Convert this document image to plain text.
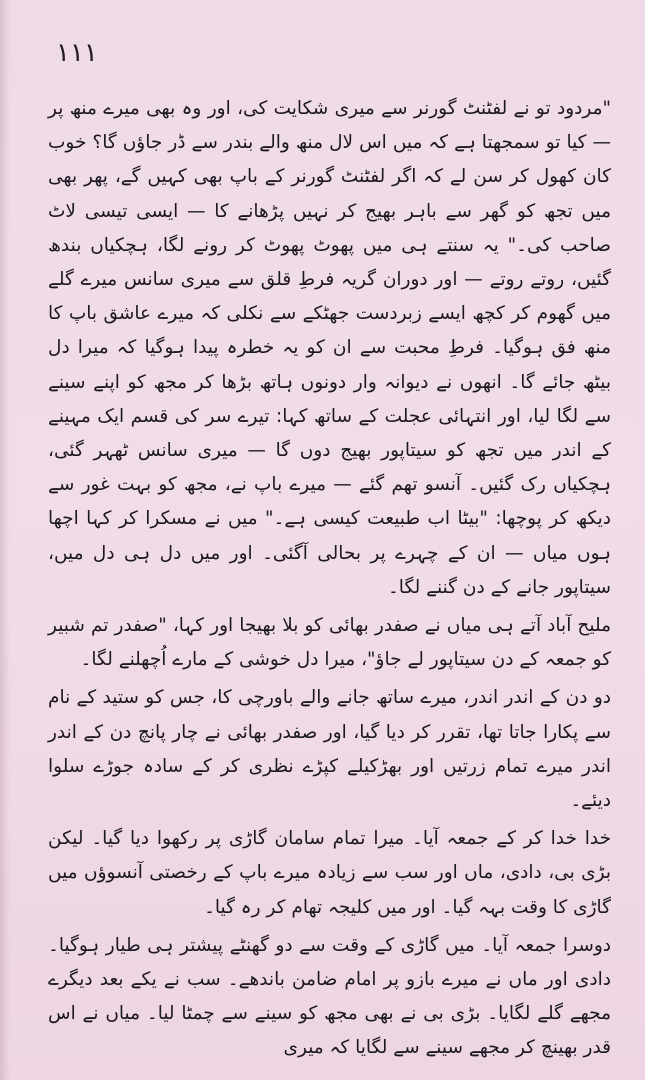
۱۱۱

"مردود تو نے لفٹنٹ گورنر سے میری شکایت کی، اور وہ بھی میرے منھ پر — کیا تو سمجھتا ہے کہ میں اس لال منھ والے بندر سے ڈر جاؤں گا؟ خوب کان کھول کر سن لے کہ اگر لفٹنٹ گورنر کے باپ بھی کہیں گے، پھر بھی میں تجھ کو گھر سے باہر بھیج کر نہیں پڑھانے کا — ایسی تیسی لاٹ صاحب کی۔" یہ سنتے ہی میں پھوٹ پھوٹ کر رونے لگا، ہچکیاں بندھ گئیں، روتے روتے — اور دوران گریہ فرطِ قلق سے میری سانس میرے گلے میں گھوم کر کچھ ایسے زبردست جھٹکے سے نکلی کہ میرے عاشق باپ کا منھ فق ہوگیا۔ فرطِ محبت سے ان کو یہ خطرہ پیدا ہوگیا کہ میرا دل بیٹھ جائے گا۔ انھوں نے دیوانہ وار دونوں ہاتھ بڑھا کر مجھ کو اپنے سینے سے لگا لیا، اور انتہائی عجلت کے ساتھ کہا: تیرے سر کی قسم ایک مہینے کے اندر میں تجھ کو سیتاپور بھیج دوں گا — میری سانس ٹھہر گئی، ہچکیاں رک گئیں۔ آنسو تھم گئے — میرے باپ نے، مجھ کو بہت غور سے دیکھ کر پوچھا: "بیٹا اب طبیعت کیسی ہے۔" میں نے مسکرا کر کہا اچھا ہوں میاں — ان کے چہرے پر بحالی آگئی۔ اور میں دل ہی دل میں، سیتاپور جانے کے دن گننے لگا۔

ملیح آباد آتے ہی میاں نے صفدر بھائی کو بلا بھیجا اور کہا، "صفدر تم شبیر کو جمعہ کے دن سیتاپور لے جاؤ"، میرا دل خوشی کے مارے اُچھلنے لگا۔

دو دن کے اندر اندر، میرے ساتھ جانے والے باورچی کا، جس کو ستید کے نام سے پکارا جاتا تھا، تقرر کر دیا گیا، اور صفدر بھائی نے چار پانچ دن کے اندر اندر میرے تمام زرتیں اور بھڑکیلے کپڑے نظری کر کے سادہ جوڑے سلوا دیئے۔

خدا خدا کر کے جمعہ آیا۔ میرا تمام سامان گاڑی پر رکھوا دیا گیا۔ لیکن بڑی بی، دادی، ماں اور سب سے زیادہ میرے باپ کے رخصتی آنسوؤں میں گاڑی کا وقت بہہ گیا۔ اور میں کلیجہ تھام کر رہ گیا۔

دوسرا جمعہ آیا۔ میں گاڑی کے وقت سے دو گھنٹے پیشتر ہی طیار ہوگیا۔ دادی اور ماں نے میرے بازو پر امام ضامن باندھے۔ سب نے یکے بعد دیگرے مجھے گلے لگایا۔ بڑی بی نے بھی مجھ کو سینے سے چمٹا لیا۔ میاں نے اس قدر بھینچ کر مجھے سینے سے لگایا کہ میری
